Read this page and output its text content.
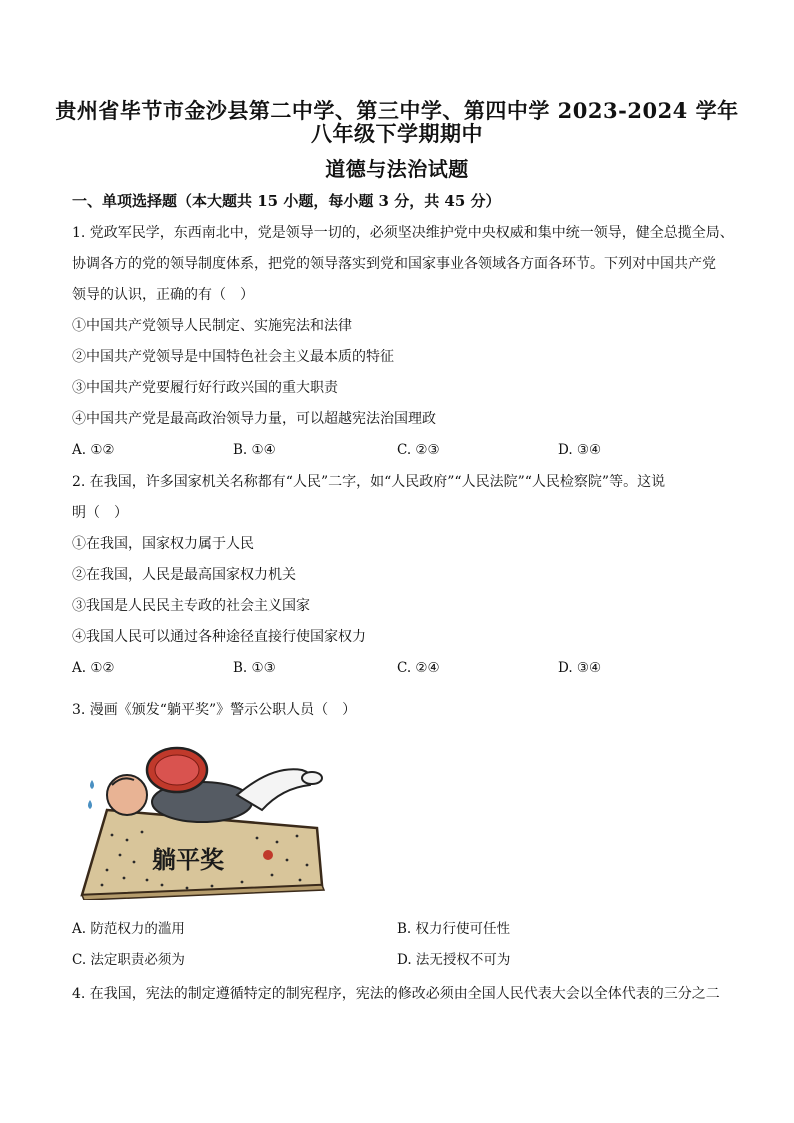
贵州省毕节市金沙县第二中学、第三中学、第四中学 2023-2024 学年
八年级下学期期中
道德与法治试题
一、单项选择题（本大题共 15 小题，每小题 3 分，共 45 分）
1. 党政军民学，东西南北中，党是领导一切的，必须坚决维护党中央权威和集中统一领导，健全总揽全局、
协调各方的党的领导制度体系，把党的领导落实到党和国家事业各领域各方面各环节。下列对中国共产党
领导的认识，正确的有（　）
①中国共产党领导人民制定、实施宪法和法律
②中国共产党领导是中国特色社会主义最本质的特征
③中国共产党要履行好行政兴国的重大职责
④中国共产党是最高政治领导力量，可以超越宪法治国理政
A. ①②	B. ①④	C. ②③	D. ③④
2. 在我国，许多国家机关名称都有“人民”二字，如“人民政府”“人民法院”“人民检察院”等。这说
明（　）
①在我国，国家权力属于人民
②在我国，人民是最高国家权力机关
③我国是人民民主专政的社会主义国家
④我国人民可以通过各种途径直接行使国家权力
A. ①②	B. ①③	C. ②④	D. ③④
3. 漫画《颁发“躺平奖”》警示公职人员（　）
躺平奖
A. 防范权力的滥用	B. 权力行使可任性
C. 法定职责必须为	D. 法无授权不可为
4. 在我国，宪法的制定遵循特定的制宪程序，宪法的修改必须由全国人民代表大会以全体代表的三分之二
